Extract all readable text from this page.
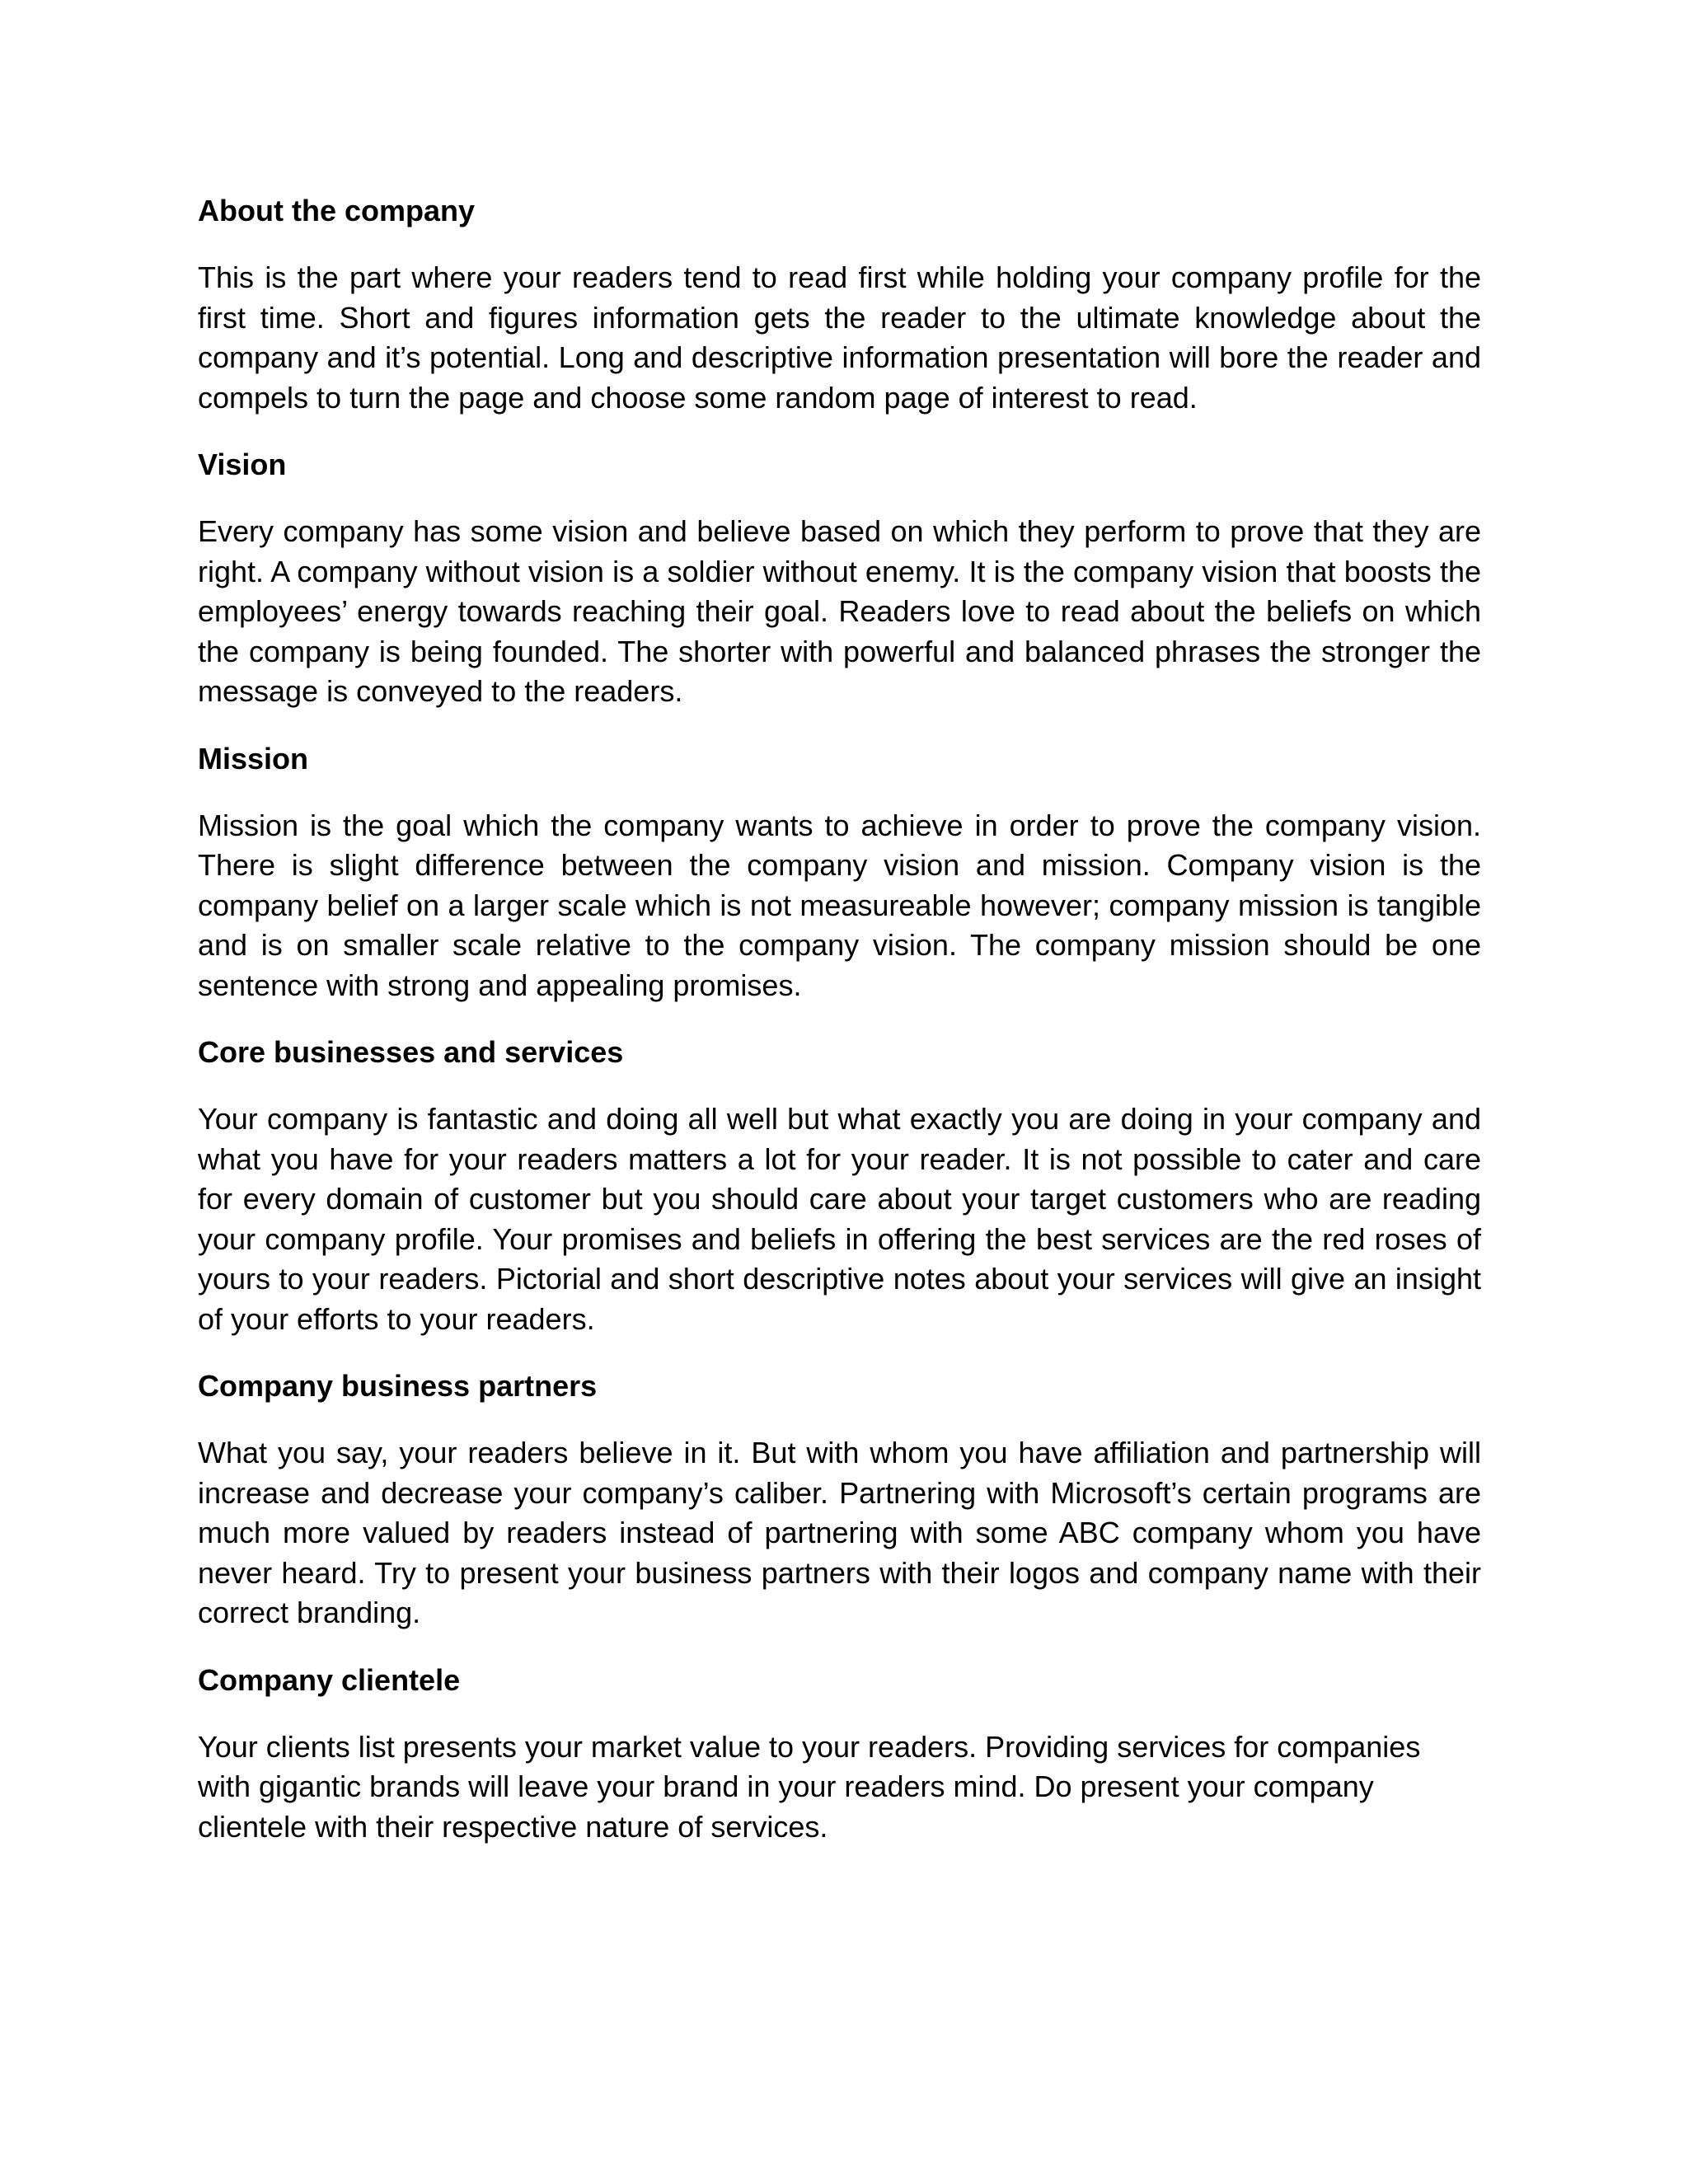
About the company
This is the part where your readers tend to read first while holding your company profile for the first time. Short and figures information gets the reader to the ultimate knowledge about the company and it’s potential. Long and descriptive information presentation will bore the reader and compels to turn the page and choose some random page of interest to read.
Vision
Every company has some vision and believe based on which they perform to prove that they are right. A company without vision is a soldier without enemy. It is the company vision that boosts the employees’ energy towards reaching their goal. Readers love to read about the beliefs on which the company is being founded. The shorter with powerful and balanced phrases the stronger the message is conveyed to the readers.
Mission
Mission is the goal which the company wants to achieve in order to prove the company vision. There is slight difference between the company vision and mission. Company vision is the company belief on a larger scale which is not measureable however; company mission is tangible and is on smaller scale relative to the company vision. The company mission should be one sentence with strong and appealing promises.
Core businesses and services
Your company is fantastic and doing all well but what exactly you are doing in your company and what you have for your readers matters a lot for your reader. It is not possible to cater and care for every domain of customer but you should care about your target customers who are reading your company profile. Your promises and beliefs in offering the best services are the red roses of yours to your readers. Pictorial and short descriptive notes about your services will give an insight of your efforts to your readers.
Company business partners
What you say, your readers believe in it. But with whom you have affiliation and partnership will increase and decrease your company’s caliber. Partnering with Microsoft’s certain programs are much more valued by readers instead of partnering with some ABC company whom you have never heard. Try to present your business partners with their logos and company name with their correct branding.
Company clientele
Your clients list presents your market value to your readers. Providing services for companies with gigantic brands will leave your brand in your readers mind. Do present your company clientele with their respective nature of services.
